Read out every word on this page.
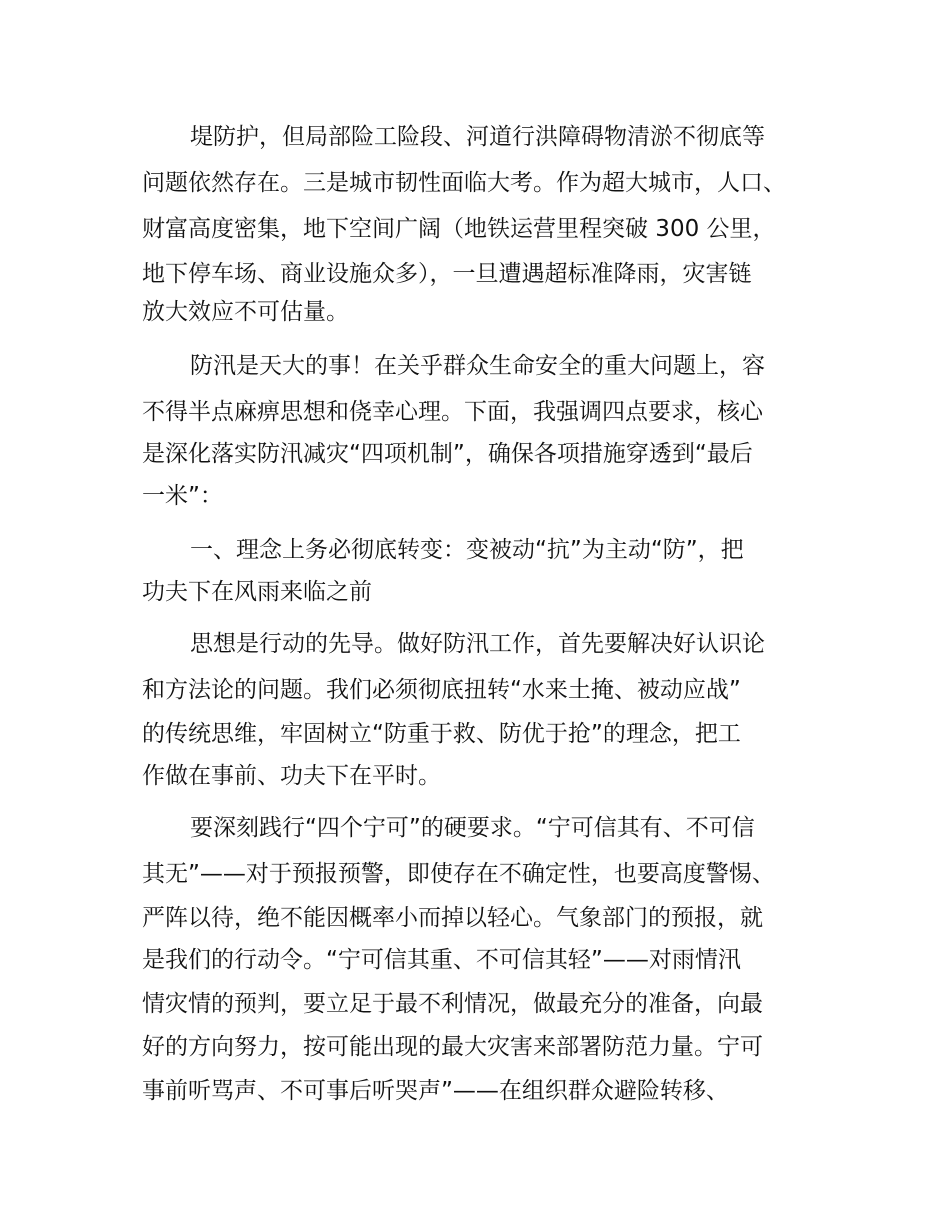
堤防护，但局部险工险段、河道行洪障碍物清淤不彻底等
问题依然存在。三是城市韧性面临大考。作为超大城市，人口、
财富高度密集，地下空间广阔（地铁运营里程突破 300 公里，
地下停车场、商业设施众多），一旦遭遇超标准降雨，灾害链
放大效应不可估量。
防汛是天大的事！在关乎群众生命安全的重大问题上，容
不得半点麻痹思想和侥幸心理。下面，我强调四点要求，核心
是深化落实防汛减灾“四项机制”，确保各项措施穿透到“最后
一米”：
一、理念上务必彻底转变：变被动“抗”为主动“防”，把
功夫下在风雨来临之前
思想是行动的先导。做好防汛工作，首先要解决好认识论
和方法论的问题。我们必须彻底扭转“水来土掩、被动应战”
的传统思维，牢固树立“防重于救、防优于抢”的理念，把工
作做在事前、功夫下在平时。
要深刻践行“四个宁可”的硬要求。“宁可信其有、不可信
其无”——对于预报预警，即使存在不确定性，也要高度警惕、
严阵以待，绝不能因概率小而掉以轻心。气象部门的预报，就
是我们的行动令。“宁可信其重、不可信其轻”——对雨情汛
情灾情的预判，要立足于最不利情况，做最充分的准备，向最
好的方向努力，按可能出现的最大灾害来部署防范力量。宁可
事前听骂声、不可事后听哭声”——在组织群众避险转移、
